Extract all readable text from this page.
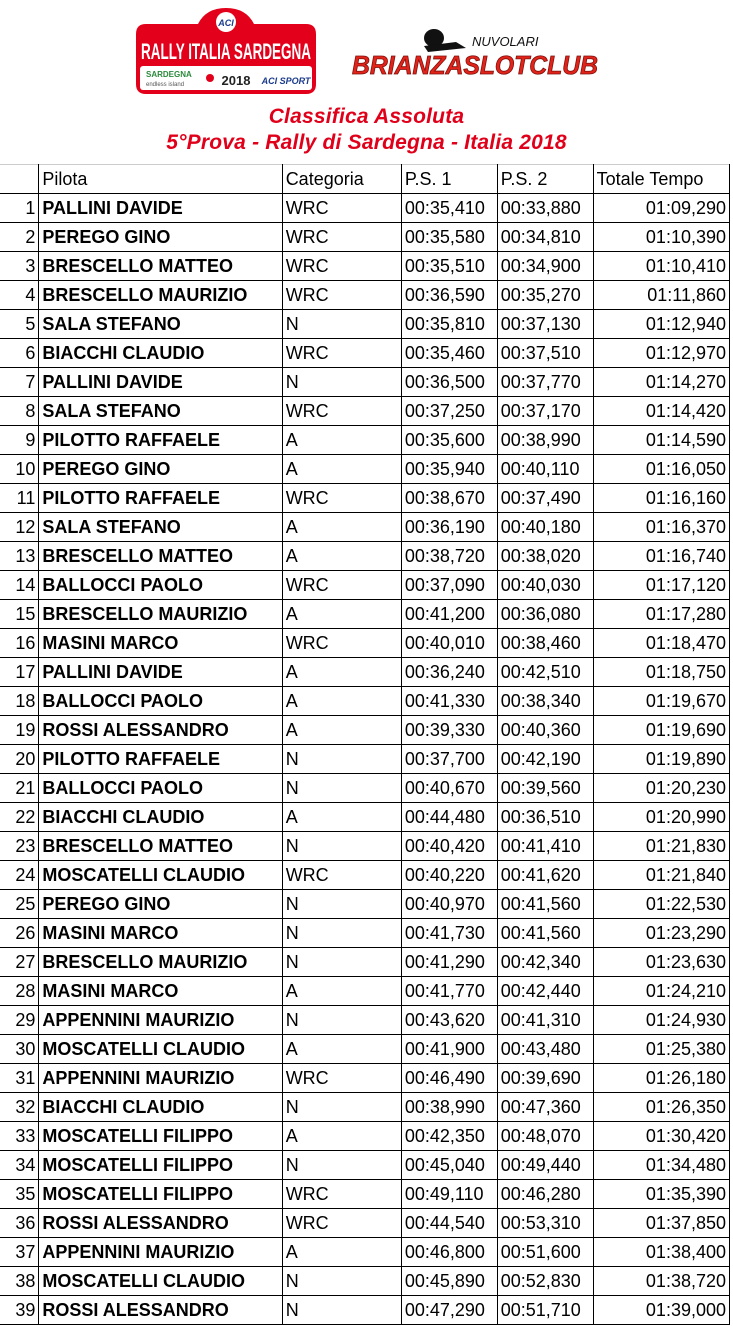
ACI
RALLY ITALIA SARDEGNA
SARDEGNA
endless island	2018 ACI SPORT
NUVOLARI
BRIANZASLOTCLUB
Classifica Assoluta
5°Prova - Rally di Sardegna - Italia 2018
	Pilota	Categoria	P.S. 1	P.S. 2	Totale Tempo
1	PALLINI DAVIDE	WRC	00:35,410	00:33,880	01:09,290
2	PEREGO GINO	WRC	00:35,580	00:34,810	01:10,390
3	BRESCELLO MATTEO	WRC	00:35,510	00:34,900	01:10,410
4	BRESCELLO MAURIZIO	WRC	00:36,590	00:35,270	01:11,860
5	SALA STEFANO	N	00:35,810	00:37,130	01:12,940
6	BIACCHI CLAUDIO	WRC	00:35,460	00:37,510	01:12,970
7	PALLINI DAVIDE	N	00:36,500	00:37,770	01:14,270
8	SALA STEFANO	WRC	00:37,250	00:37,170	01:14,420
9	PILOTTO RAFFAELE	A	00:35,600	00:38,990	01:14,590
10	PEREGO GINO	A	00:35,940	00:40,110	01:16,050
11	PILOTTO RAFFAELE	WRC	00:38,670	00:37,490	01:16,160
12	SALA STEFANO	A	00:36,190	00:40,180	01:16,370
13	BRESCELLO MATTEO	A	00:38,720	00:38,020	01:16,740
14	BALLOCCI PAOLO	WRC	00:37,090	00:40,030	01:17,120
15	BRESCELLO MAURIZIO	A	00:41,200	00:36,080	01:17,280
16	MASINI MARCO	WRC	00:40,010	00:38,460	01:18,470
17	PALLINI DAVIDE	A	00:36,240	00:42,510	01:18,750
18	BALLOCCI PAOLO	A	00:41,330	00:38,340	01:19,670
19	ROSSI ALESSANDRO	A	00:39,330	00:40,360	01:19,690
20	PILOTTO RAFFAELE	N	00:37,700	00:42,190	01:19,890
21	BALLOCCI PAOLO	N	00:40,670	00:39,560	01:20,230
22	BIACCHI CLAUDIO	A	00:44,480	00:36,510	01:20,990
23	BRESCELLO MATTEO	N	00:40,420	00:41,410	01:21,830
24	MOSCATELLI CLAUDIO	WRC	00:40,220	00:41,620	01:21,840
25	PEREGO GINO	N	00:40,970	00:41,560	01:22,530
26	MASINI MARCO	N	00:41,730	00:41,560	01:23,290
27	BRESCELLO MAURIZIO	N	00:41,290	00:42,340	01:23,630
28	MASINI MARCO	A	00:41,770	00:42,440	01:24,210
29	APPENNINI MAURIZIO	N	00:43,620	00:41,310	01:24,930
30	MOSCATELLI CLAUDIO	A	00:41,900	00:43,480	01:25,380
31	APPENNINI MAURIZIO	WRC	00:46,490	00:39,690	01:26,180
32	BIACCHI CLAUDIO	N	00:38,990	00:47,360	01:26,350
33	MOSCATELLI FILIPPO	A	00:42,350	00:48,070	01:30,420
34	MOSCATELLI FILIPPO	N	00:45,040	00:49,440	01:34,480
35	MOSCATELLI FILIPPO	WRC	00:49,110	00:46,280	01:35,390
36	ROSSI ALESSANDRO	WRC	00:44,540	00:53,310	01:37,850
37	APPENNINI MAURIZIO	A	00:46,800	00:51,600	01:38,400
38	MOSCATELLI CLAUDIO	N	00:45,890	00:52,830	01:38,720
39	ROSSI ALESSANDRO	N	00:47,290	00:51,710	01:39,000
